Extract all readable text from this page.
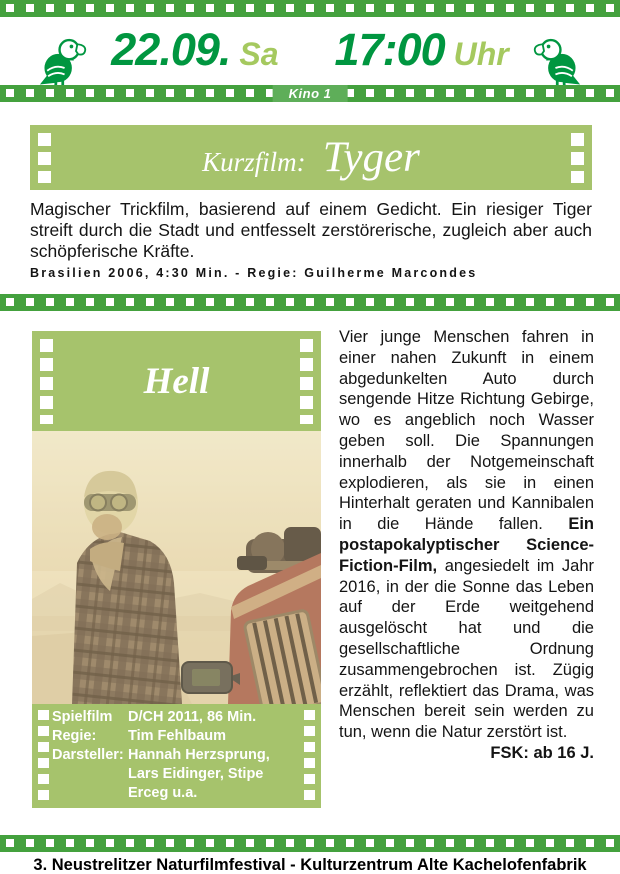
22.09. Sa 17:00 Uhr
Kino 1
Kurzfilm: Tyger

Magischer Trickfilm, basierend auf einem Gedicht. Ein riesiger Tiger streift durch die Stadt und entfesselt zerstörerische, zugleich aber auch schöpferische Kräfte.

Brasilien 2006, 4:30 Min. - Regie: Guilherme Marcondes

Hell
Spielfilm	D/CH 2011, 86 Min.
Regie:	Tim Fehlbaum
Darsteller: Hannah Herzsprung, Lars Eidinger, Stipe Erceg u.a.

Vier junge Menschen fahren in einer nahen Zukunft in einem abgedunkelten Auto durch sengende Hitze Richtung Gebirge, wo es angeblich noch Wasser geben soll. Die Spannungen innerhalb der Notgemeinschaft explodieren, als sie in einen Hinterhalt geraten und Kannibalen in die Hände fallen. Ein postapokalyptischer Science-Fiction-Film, angesiedelt im Jahr 2016, in der die Sonne das Leben auf der Erde weitgehend ausgelöscht hat und die gesellschaftliche Ordnung zusammengebrochen ist. Zügig erzählt, reflektiert das Drama, was Menschen bereit sein werden zu tun, wenn die Natur zerstört ist.
FSK: ab 16 J.

3. Neustrelitzer Naturfilmfestival - Kulturzentrum Alte Kachelofenfabrik
